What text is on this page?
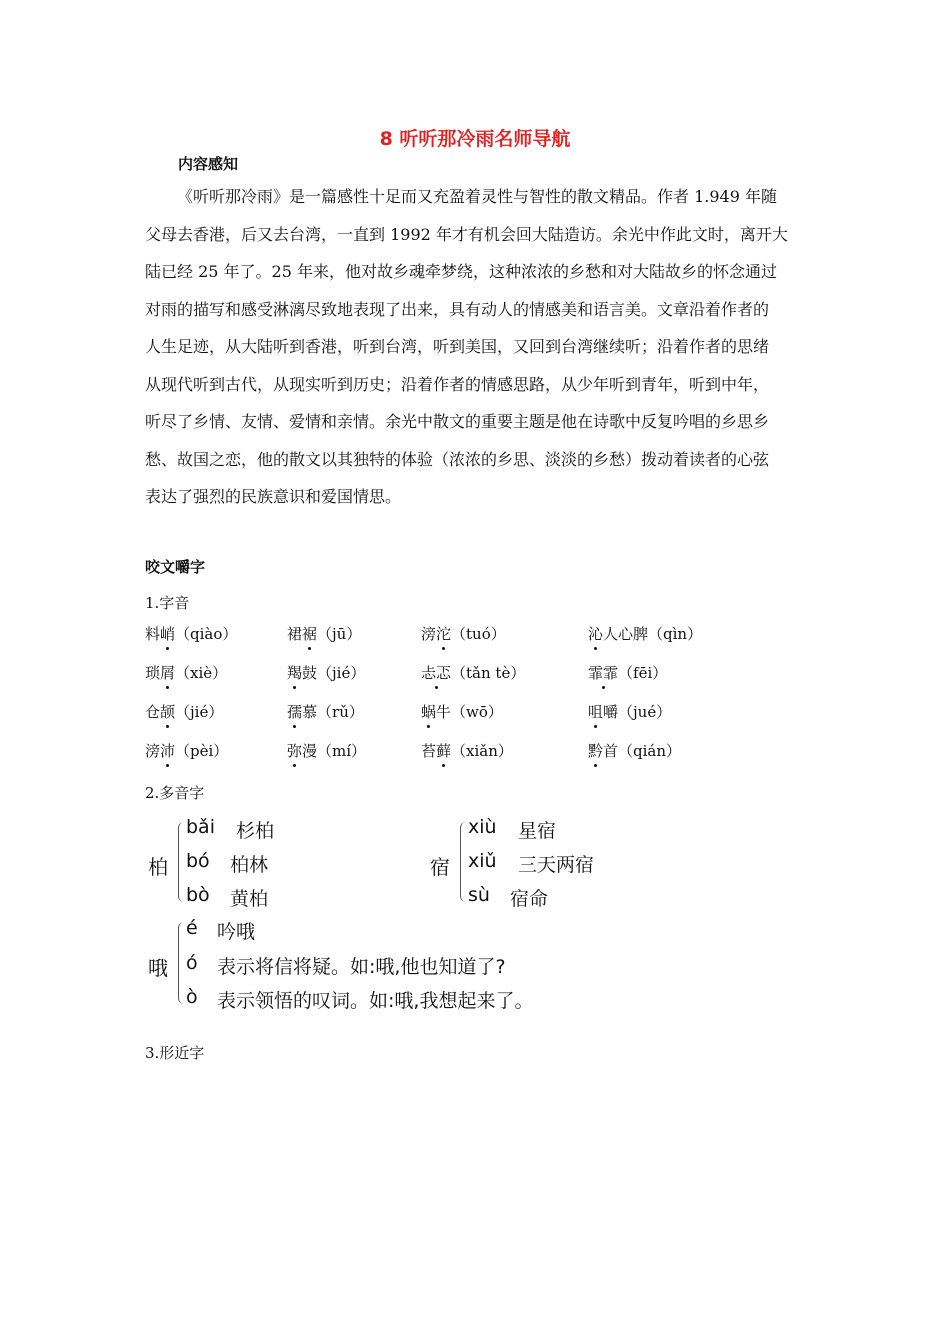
8 听听那冷雨名师导航
内容感知
《听听那冷雨》是一篇感性十足而又充盈着灵性与智性的散文精品。作者 1.949 年随
父母去香港，后又去台湾，一直到 1992 年才有机会回大陆造访。余光中作此文时，离开大
陆已经 25 年了。25 年来，他对故乡魂牵梦绕，这种浓浓的乡愁和对大陆故乡的怀念通过
对雨的描写和感受淋漓尽致地表现了出来，具有动人的情感美和语言美。文章沿着作者的
人生足迹，从大陆听到香港，听到台湾，听到美国，又回到台湾继续听；沿着作者的思绪
从现代听到古代，从现实听到历史；沿着作者的情感思路，从少年听到青年，听到中年，
听尽了乡情、友情、爱情和亲情。余光中散文的重要主题是他在诗歌中反复吟唱的乡思乡
愁、故国之恋，他的散文以其独特的体验（浓浓的乡思、淡淡的乡愁）拨动着读者的心弦
表达了强烈的民族意识和爱国情思。
咬文嚼字
1.字音
料峭（qiào）	裙裾（jū）	滂沱（tuó）	沁人心脾（qìn）
琐屑（xiè）	羯鼓（jié）	忐忑（tǎn tè）	霏霏（fēi）
仓颉（jié）	孺慕（rǔ）	蜗牛（wō）	咀嚼（jué）
滂沛（pèi）	弥漫（mí）	苔藓（xiǎn）	黔首（qián）
2.多音字
柏
bǎi 杉柏
bó 柏林
bò 黄柏
宿
xiù 星宿
xiǔ 三天两宿
sù 宿命
哦
é 吟哦
ó 表示将信将疑。如:哦,他也知道了?
ò 表示领悟的叹词。如:哦,我想起来了。
3.形近字
